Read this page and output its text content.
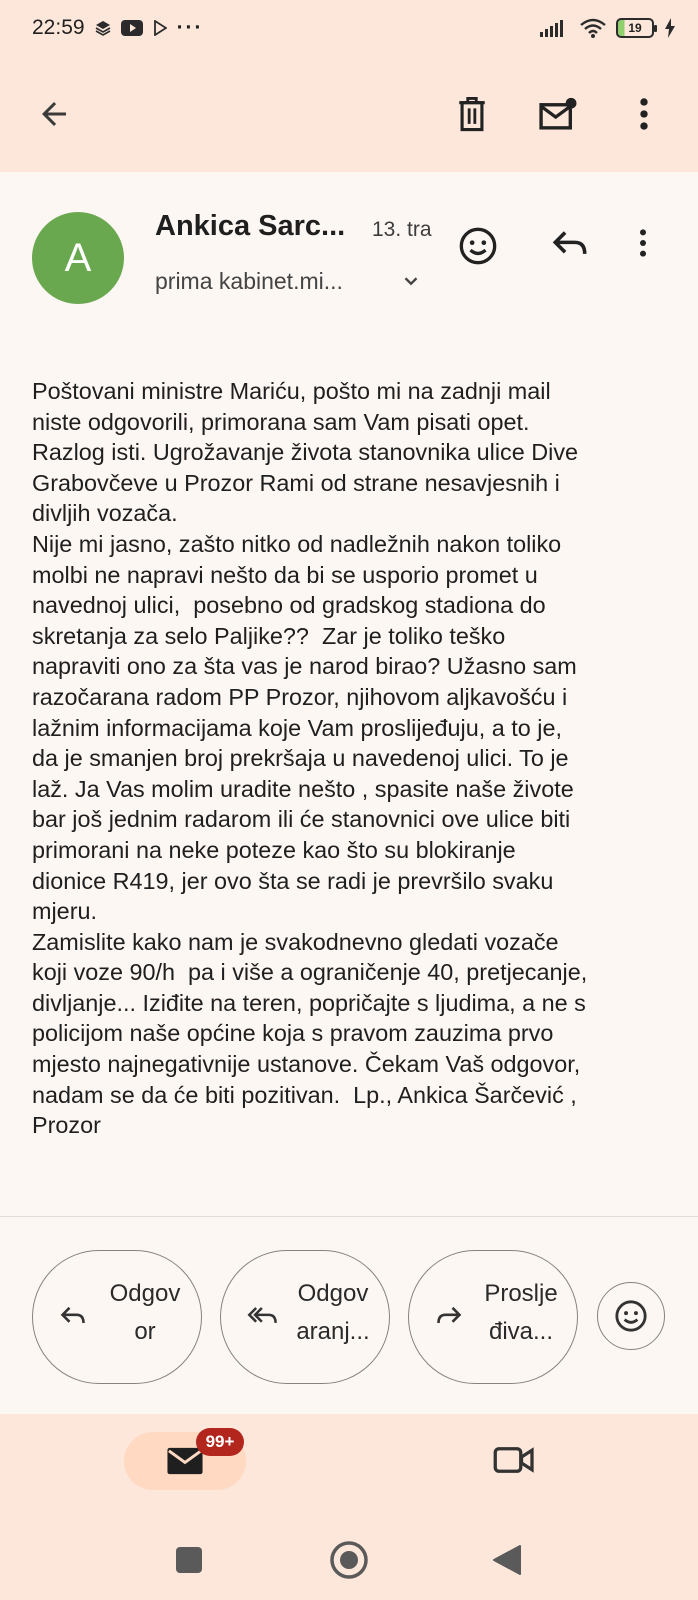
22:59	···	19
A
Ankica Sarc... 13. tra
prima kabinet.mi...
Poštovani ministre Mariću, pošto mi na zadnji mail
niste odgovorili, primorana sam Vam pisati opet.
Razlog isti. Ugrožavanje života stanovnika ulice Dive
Grabovčeve u Prozor Rami od strane nesavjesnih i
divljih vozača.
Nije mi jasno, zašto nitko od nadležnih nakon toliko
molbi ne napravi nešto da bi se usporio promet u
navednoj ulici,  posebno od gradskog stadiona do
skretanja za selo Paljike??  Zar je toliko teško
napraviti ono za šta vas je narod birao? Užasno sam
razočarana radom PP Prozor, njihovom aljkavošću i
lažnim informacijama koje Vam proslijeđuju, a to je,
da je smanjen broj prekršaja u navedenoj ulici. To je
laž. Ja Vas molim uradite nešto , spasite naše živote
bar još jednim radarom ili će stanovnici ove ulice biti
primorani na neke poteze kao što su blokiranje
dionice R419, jer ovo šta se radi je prevršilo svaku
mjeru.
Zamislite kako nam je svakodnevno gledati vozače
koji voze 90/h  pa i više a ograničenje 40, pretjecanje,
divljanje... Iziđite na teren, popričajte s ljudima, a ne s
policijom naše općine koja s pravom zauzima prvo
mjesto najnegativnije ustanove. Čekam Vaš odgovor,
nadam se da će biti pozitivan.  Lp., Ankica Šarčević ,
Prozor
Odgov
or
Odgov
aranj...
Proslje
điva...
99+
